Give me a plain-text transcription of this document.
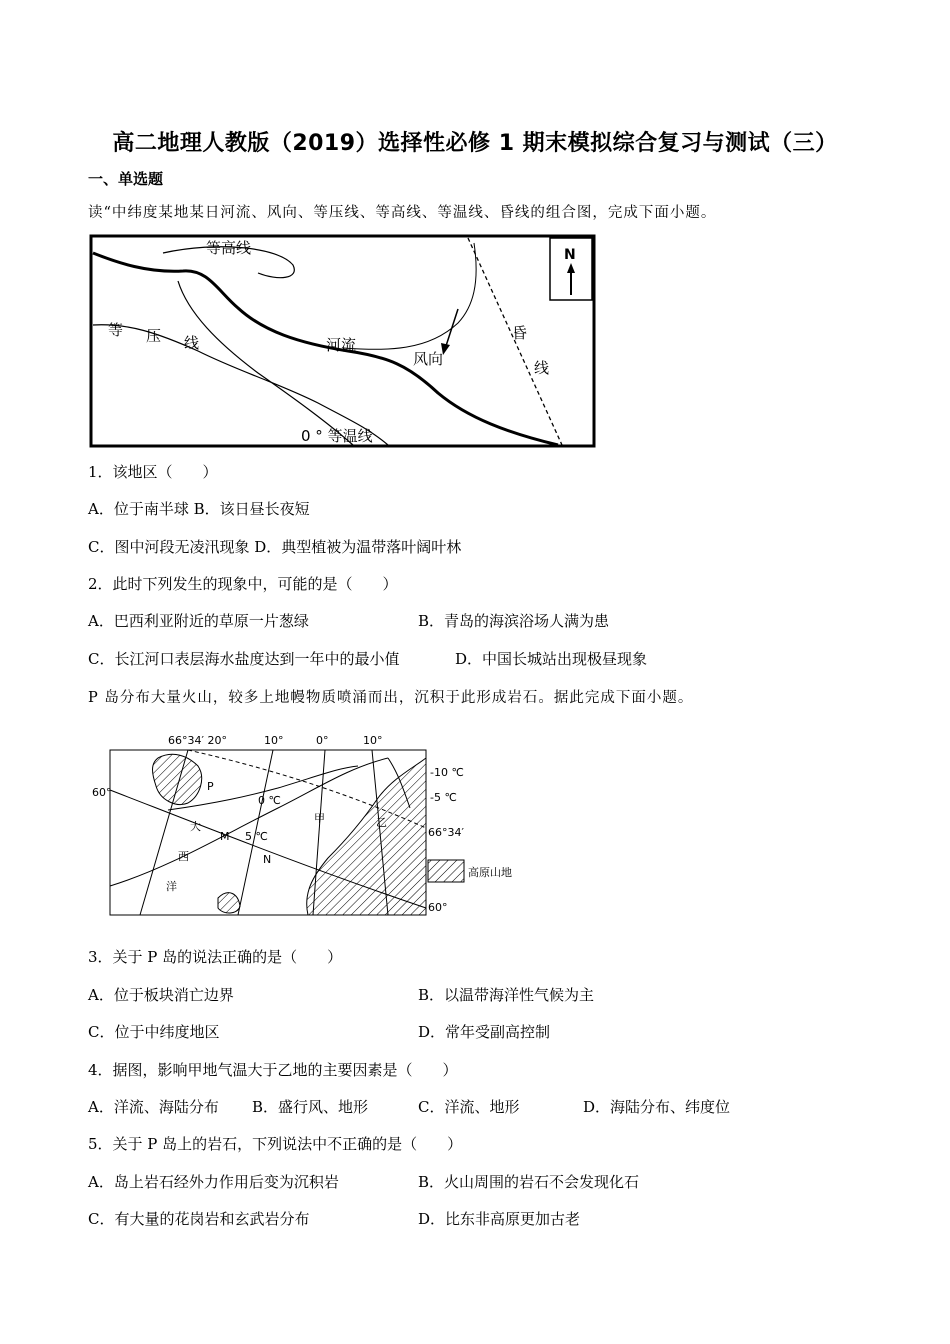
高二地理人教版（2019）选择性必修 1 期末模拟综合复习与测试（三）
一、单选题
读“中纬度某地某日河流、风向、等压线、等高线、等温线、昏线的组合图，完成下面小题。
N
等高线
河流
等 压 线
0 ° 等温线
昏
线
风向
1．该地区（　　）
A．位于南半球 B．该日昼长夜短
C．图中河段无凌汛现象 D．典型植被为温带落叶阔叶林
2．此时下列发生的现象中，可能的是（　　）
A．巴西利亚附近的草原一片葱绿	B．青岛的海滨浴场人满为患
C．长江河口表层海水盐度达到一年中的最小值	D．中国长城站出现极昼现象
P 岛分布大量火山，较多上地幔物质喷涌而出，沉积于此形成岩石。据此完成下面小题。
66°34′ 20°	10°	0°	10°
60°
-10 ℃
-5 ℃
0 ℃
5 ℃	66°34′
60°
P
甲	乙
M
N
大
西
洋
高原山地
3．关于 P 岛的说法正确的是（　　）
A．位于板块消亡边界	B．以温带海洋性气候为主
C．位于中纬度地区	D．常年受副高控制
4．据图，影响甲地气温大于乙地的主要因素是（　　）
A．洋流、海陆分布 B．盛行风、地形	C．洋流、地形	D．海陆分布、纬度位
5．关于 P 岛上的岩石，下列说法中不正确的是（　　）
A．岛上岩石经外力作用后变为沉积岩	B．火山周围的岩石不会发现化石
C．有大量的花岗岩和玄武岩分布	D．比东非高原更加古老
